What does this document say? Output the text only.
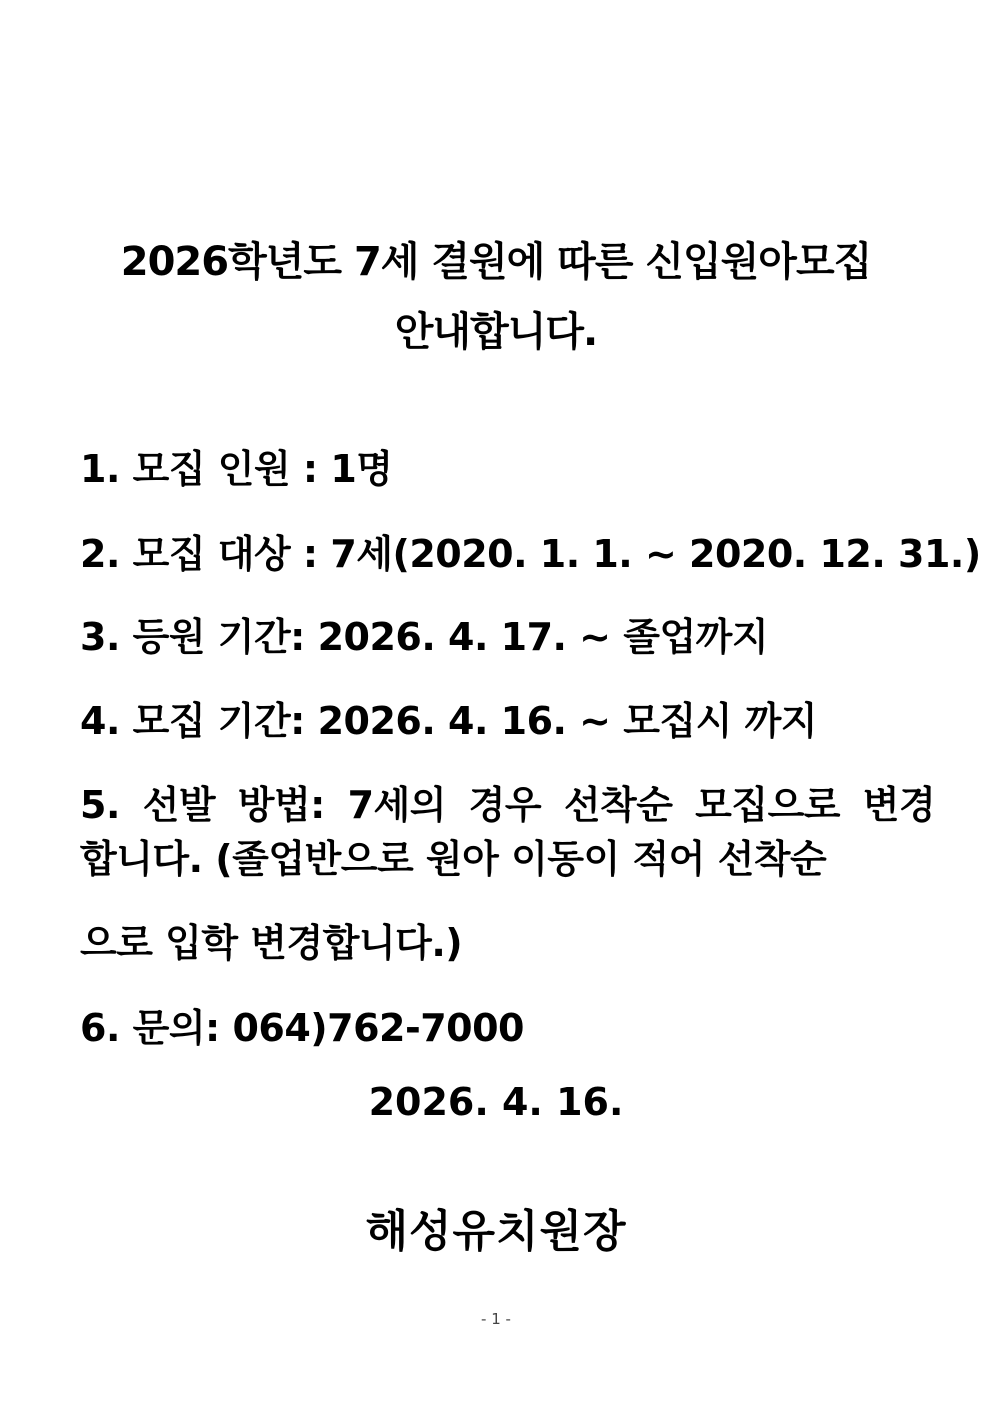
2026학년도 7세 결원에 따른 신입원아모집
안내합니다.
1. 모집 인원 : 1명
2. 모집 대상 : 7세(2020. 1. 1. ~ 2020. 12. 31.)
3. 등원 기간: 2026. 4. 17. ~ 졸업까지
4. 모집 기간: 2026. 4. 16. ~ 모집시 까지
5. 선발 방법: 7세의 경우 선착순 모집으로 변경
합니다. (졸업반으로 원아 이동이 적어 선착순
으로 입학 변경합니다.)
6. 문의: 064)762-7000
2026. 4. 16.
해성유치원장
- 1 -
